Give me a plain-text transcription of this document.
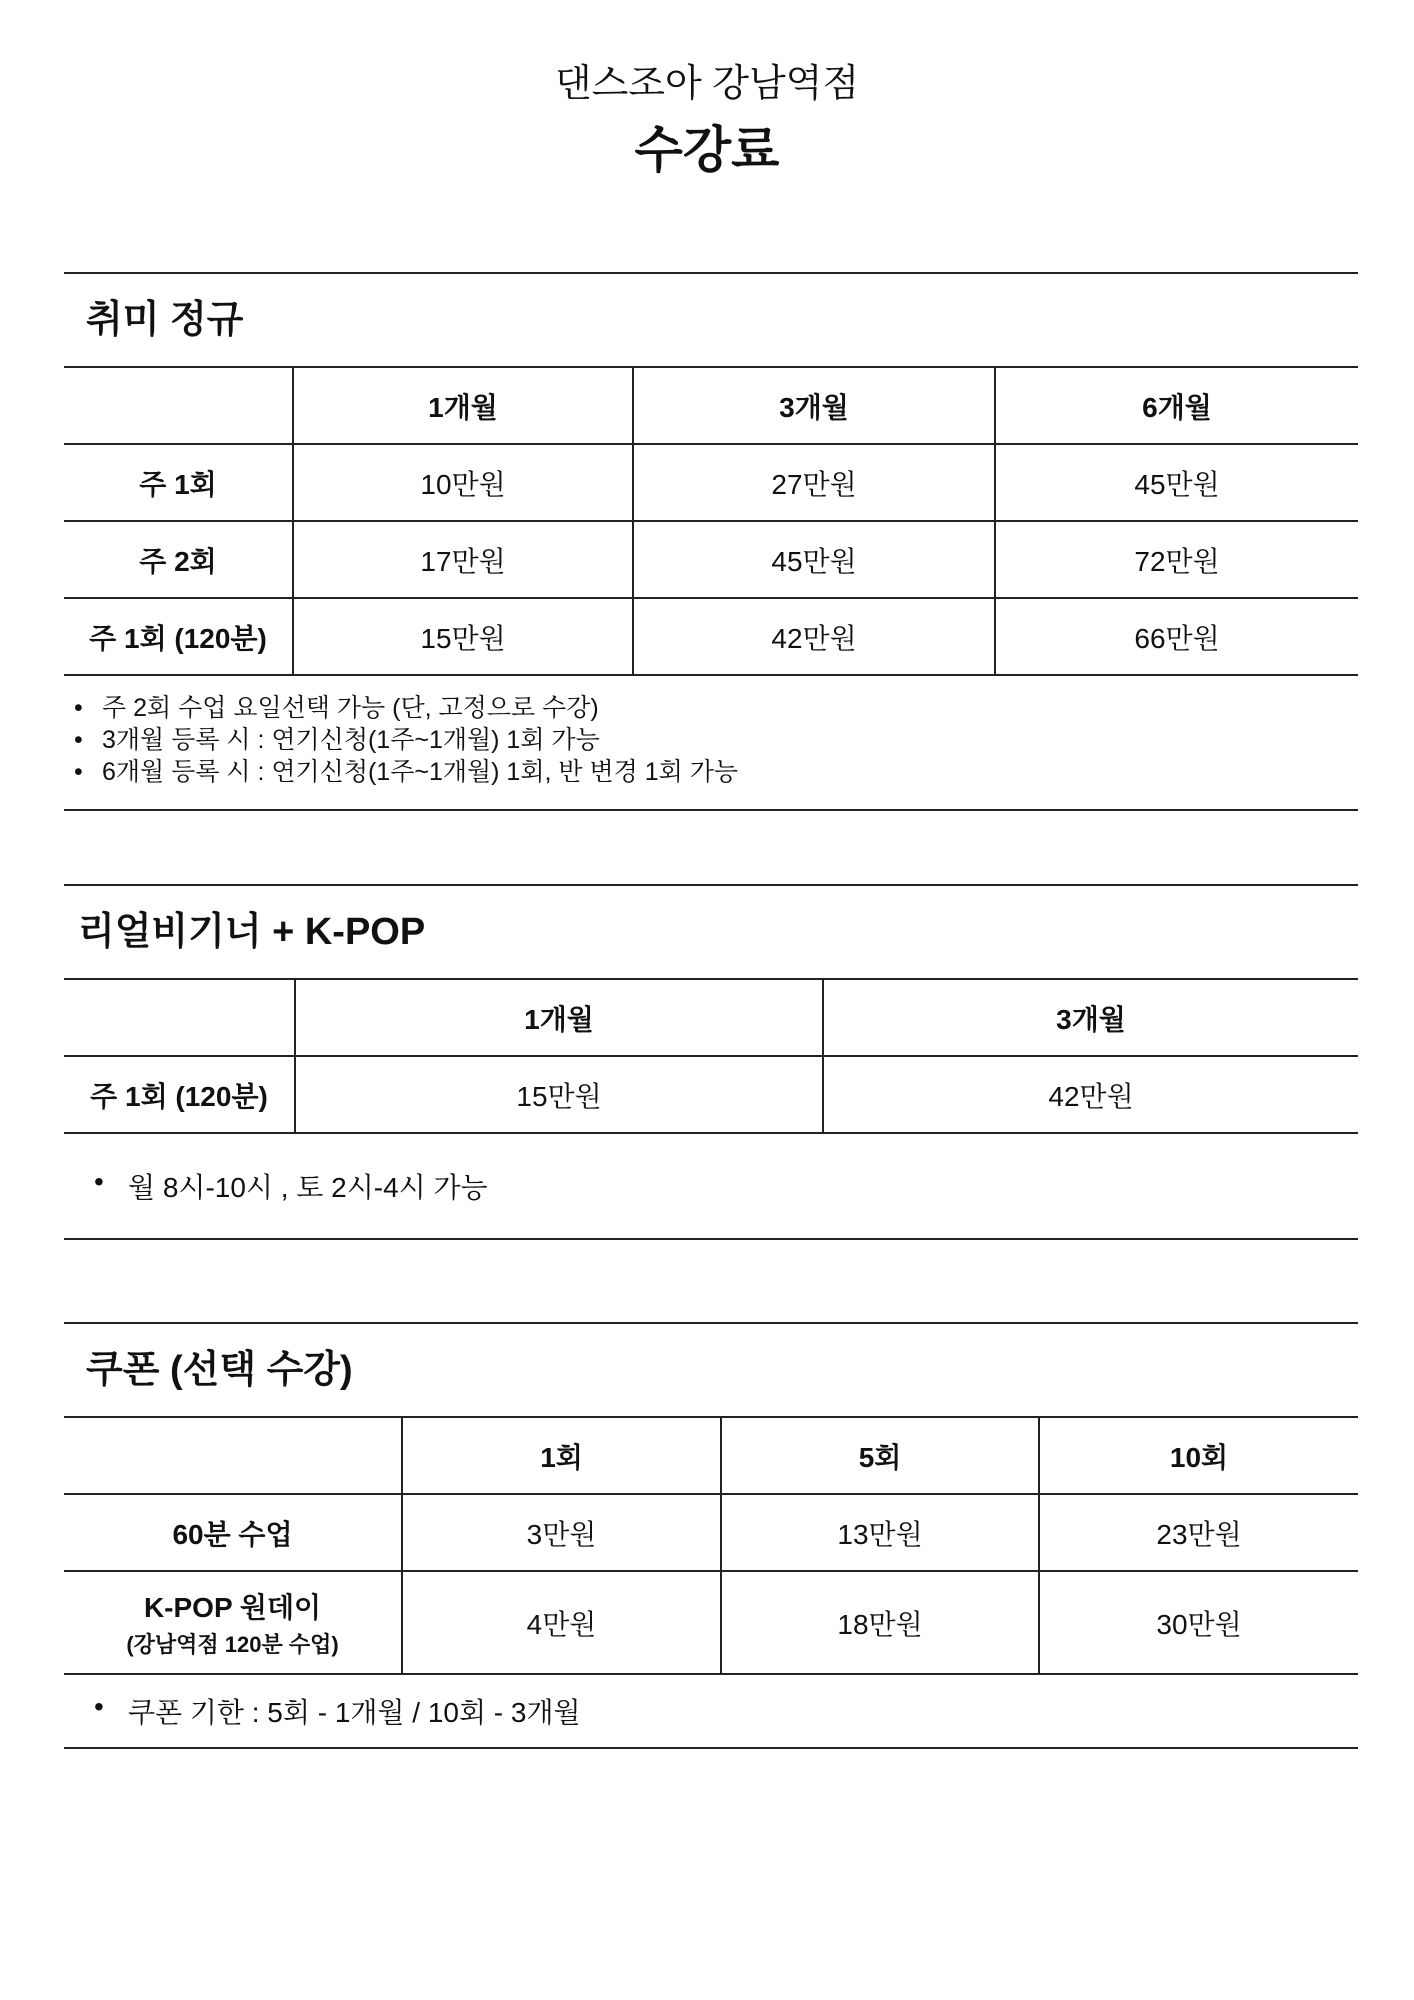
댄스조아 강남역점
수강료
취미 정규
	1개월	3개월	6개월
주 1회	10만원	27만원	45만원
주 2회	17만원	45만원	72만원
주 1회 (120분)	15만원	42만원	66만원
• 주 2회 수업 요일선택 가능 (단, 고정으로 수강)
• 3개월 등록 시 : 연기신청(1주~1개월) 1회 가능
• 6개월 등록 시 : 연기신청(1주~1개월) 1회, 반 변경 1회 가능
리얼비기너 + K-POP
	1개월	3개월
주 1회 (120분)	15만원	42만원
• 월 8시-10시 , 토 2시-4시 가능
쿠폰 (선택 수강)
	1회	5회	10회
60분 수업	3만원	13만원	23만원
K-POP 원데이
(강남역점 120분 수업)	4만원	18만원	30만원
• 쿠폰 기한 : 5회 - 1개월 / 10회 - 3개월
